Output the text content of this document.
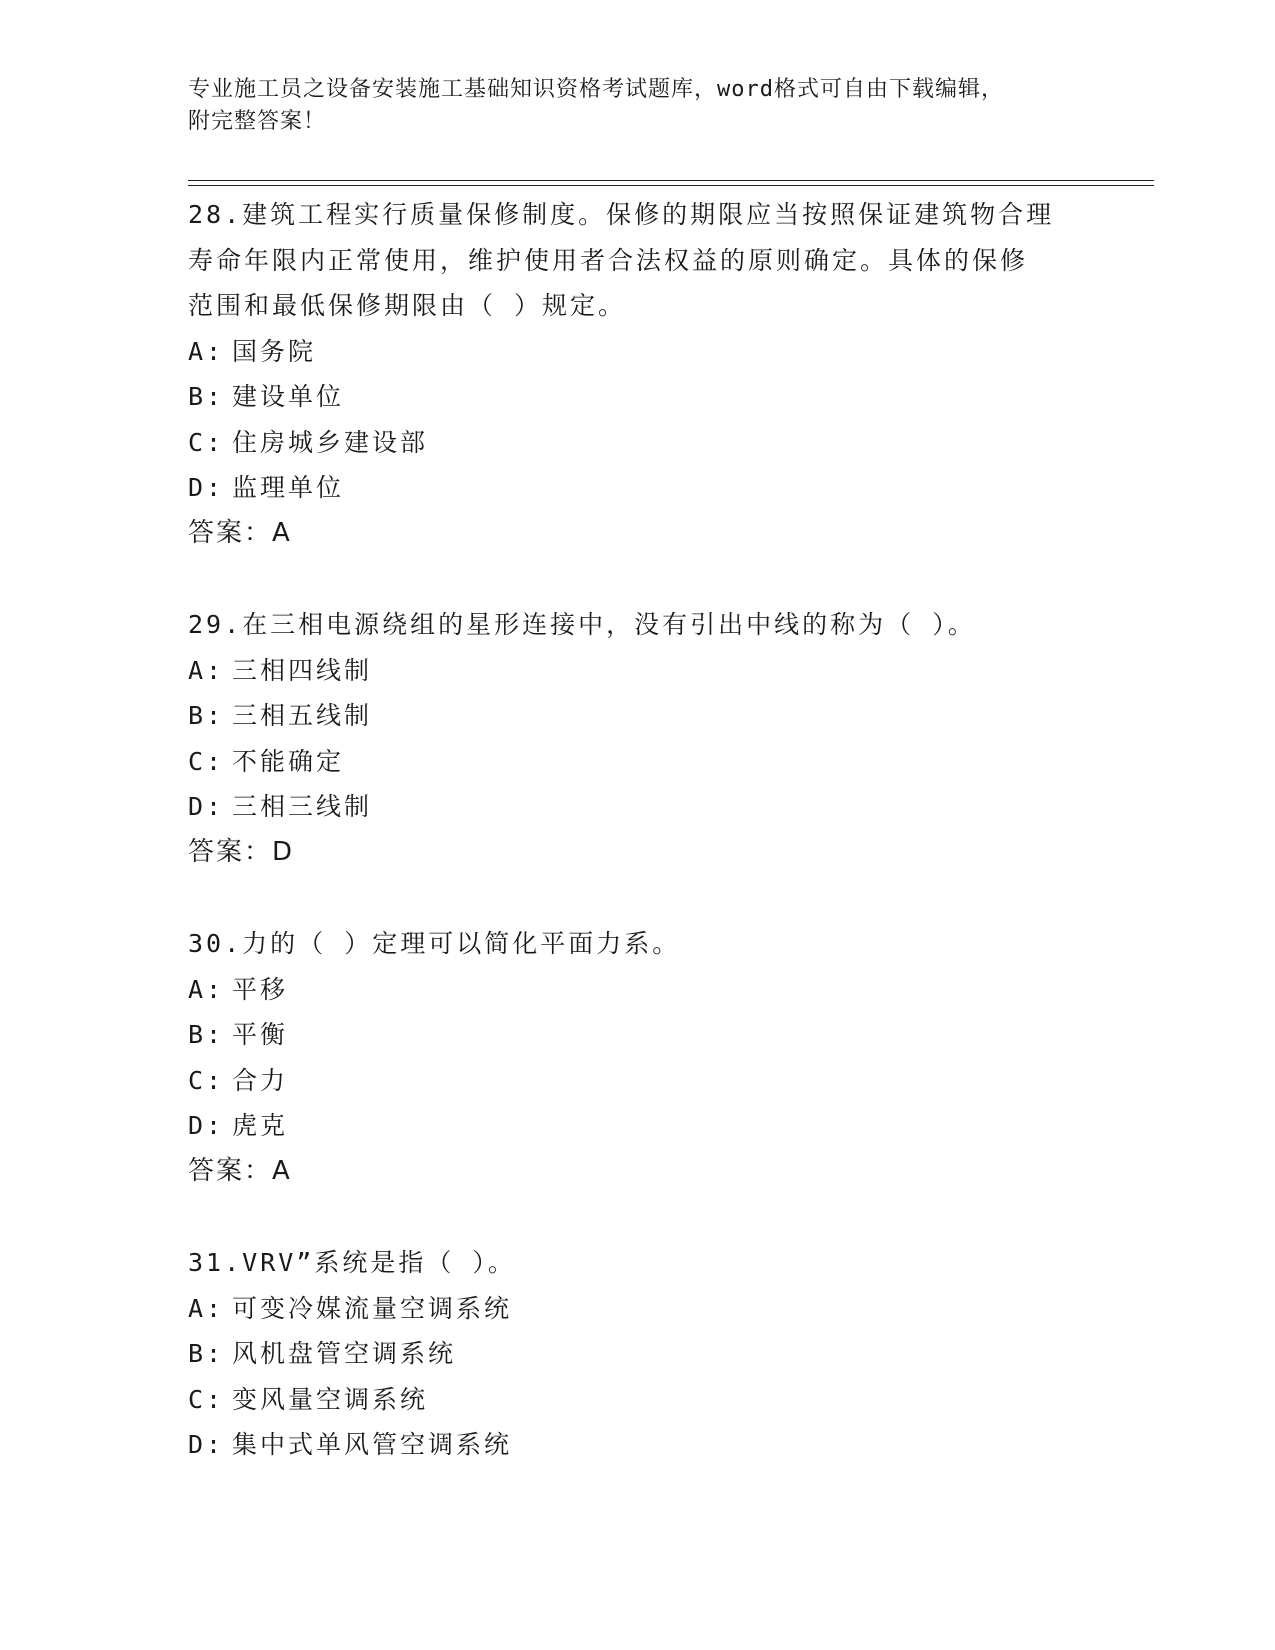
专业施工员之设备安装施工基础知识资格考试题库，word格式可自由下载编辑，
附完整答案！
28.建筑工程实行质量保修制度。保修的期限应当按照保证建筑物合理
寿命年限内正常使用，维护使用者合法权益的原则确定。具体的保修
范围和最低保修期限由（ ）规定。
A: 国务院
B: 建设单位
C: 住房城乡建设部
D: 监理单位
答案：A
29.在三相电源绕组的星形连接中，没有引出中线的称为（ ）。
A: 三相四线制
B: 三相五线制
C: 不能确定
D: 三相三线制
答案：D
30.力的（ ）定理可以简化平面力系。
A: 平移
B: 平衡
C: 合力
D: 虎克
答案：A
31.VRV”系统是指（ ）。
A: 可变冷媒流量空调系统
B: 风机盘管空调系统
C: 变风量空调系统
D: 集中式单风管空调系统
